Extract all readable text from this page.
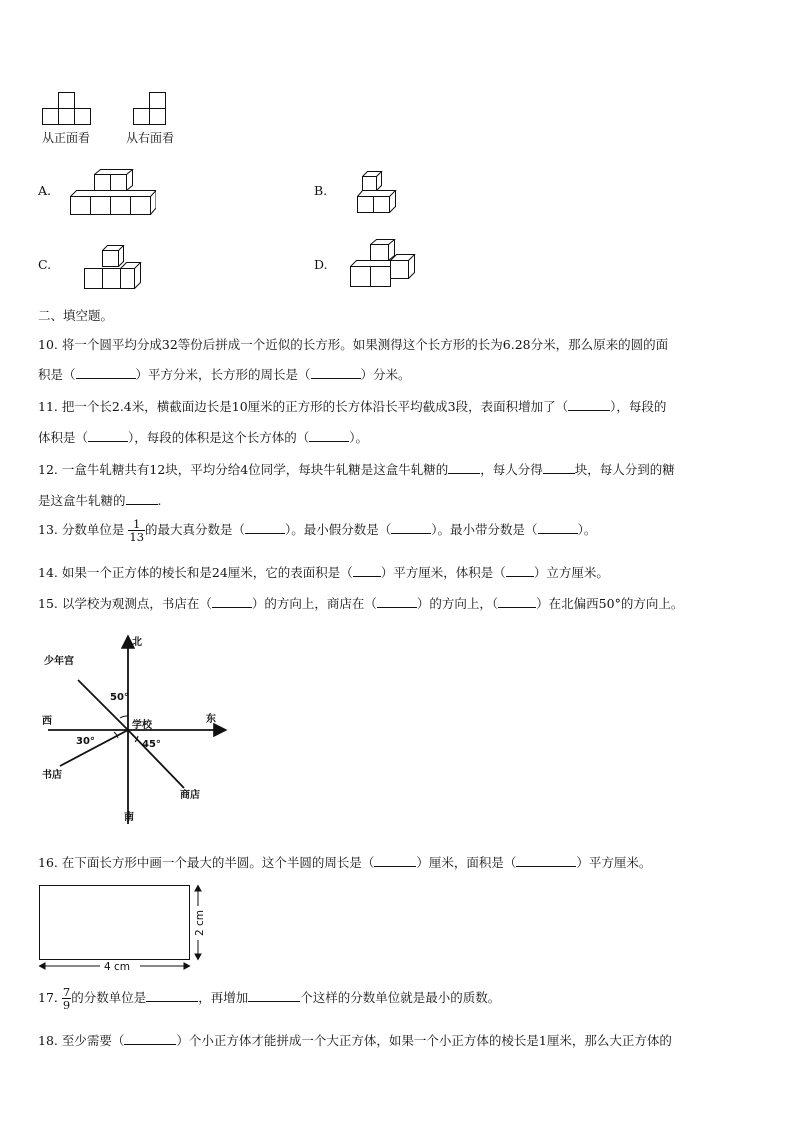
从正面看	从右面看
A.	B.
C.	D.
二、填空题。
10. 将一个圆平均分成32等份后拼成一个近似的长方形。如果测得这个长方形的长为6.28分米，那么原来的圆的面
积是（	）平方分米，长方形的周长是（	）分米。
11. 把一个长2.4米，横截面边长是10厘米的正方形的长方体沿长平均截成3段，表面积增加了（	），每段的
体积是（	），每段的体积是这个长方体的（	）。
12. 一盒牛轧糖共有12块，平均分给4位同学，每块牛轧糖是这盒牛轧糖的	，每人分得	块，每人分到的糖
是这盒牛轧糖的	.
13. 分数单位是 $\frac{1}{13}$ 的最大真分数是（	）。最小假分数是（	）。最小带分数是（	）。
14. 如果一个正方体的棱长和是24厘米，它的表面积是（ ）平方厘米，体积是（ ）立方厘米。
15. 以学校为观测点，书店在（	）的方向上，商店在（	）的方向上，（	）在北偏西50°的方向上。
北
南
东
西	学校
少年宫
书店
商店
50°
30°	45°
16. 在下面长方形中画一个最大的半圆。这个半圆的周长是（	）厘米，面积是（	）平方厘米。
4 cm
2 cm
17. $\frac{7}{9}$ 的分数单位是	，再增加	个这样的分数单位就是最小的质数。
18. 至少需要（	）个小正方体才能拼成一个大正方体，如果一个小正方体的棱长是1厘米，那么大正方体的
